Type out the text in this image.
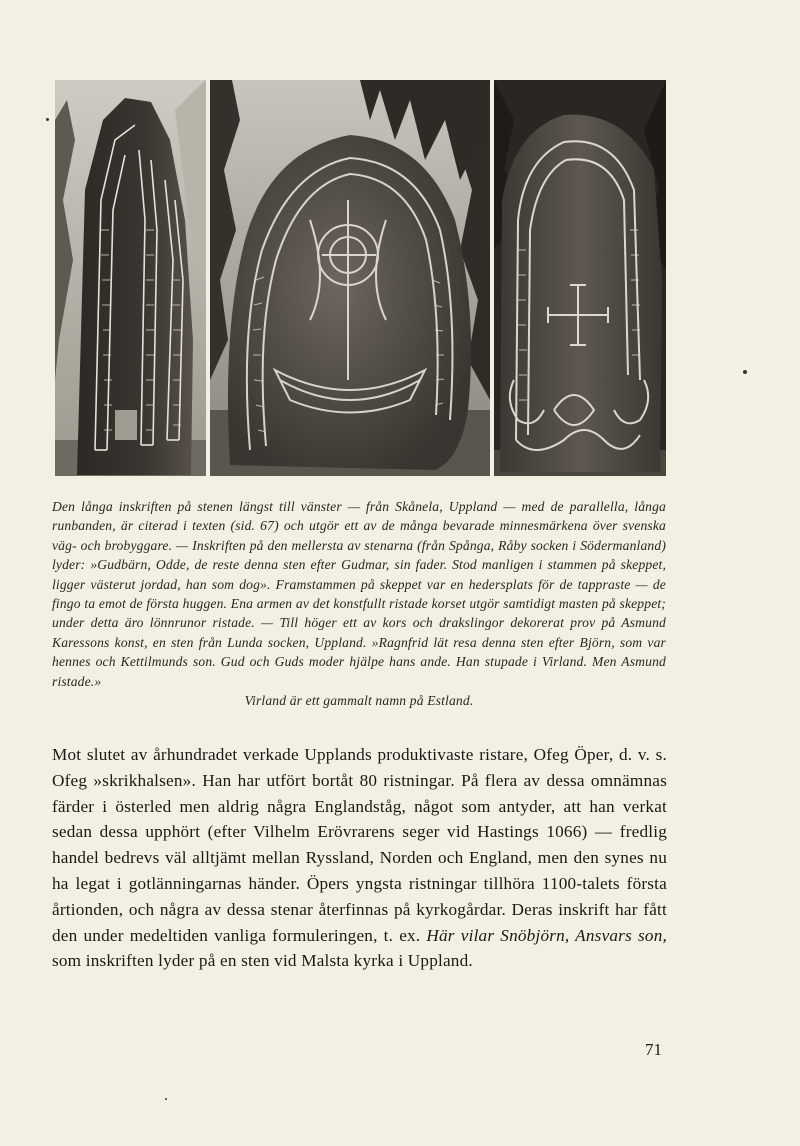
Den långa inskriften på stenen längst till vänster — från Skånela, Uppland — med de parallella, långa runbanden, är citerad i texten (sid. 67) och utgör ett av de många bevarade minnesmärkena över svenska väg- och brobyggare. — Inskriften på den mellersta av stenarna (från Spånga, Råby socken i Södermanland) lyder: »Gudbärn, Odde, de reste denna sten efter Gudmar, sin fader. Stod manligen i stammen på skeppet, ligger västerut jordad, han som dog». Framstammen på skeppet var en hedersplats för de tappraste — de fingo ta emot de första huggen. Ena armen av det konstfullt ristade korset utgör samtidigt masten på skeppet; under detta äro lönnrunor ristade. — Till höger ett av kors och drakslingor dekorerat prov på Asmund Karessons konst, en sten från Lunda socken, Uppland. »Ragnfrid lät resa denna sten efter Björn, som var hennes och Kettilmunds son. Gud och Guds moder hjälpe hans ande. Han stupade i Virland. Men Asmund ristade.»
Virland är ett gammalt namn på Estland.
Mot slutet av århundradet verkade Upplands produktivaste ristare, Ofeg Öper, d. v. s. Ofeg »skrikhalsen». Han har utfört bortåt 80 ristningar. På flera av dessa omnämnas färder i österled men aldrig några Englandståg, något som antyder, att han verkat sedan dessa upphört (efter Vilhelm Erövrarens seger vid Hastings 1066) — fredlig handel bedrevs väl alltjämt mellan Ryssland, Norden och England, men den synes nu ha legat i gotlänningarnas händer. Öpers yngsta ristningar tillhöra 1100-talets första årtionden, och några av dessa stenar återfinnas på kyrkogårdar. Deras inskrift har fått den under medeltiden vanliga formuleringen, t. ex. Här vilar Snöbjörn, Ansvars son, som inskriften lyder på en sten vid Malsta kyrka i Uppland.
71
